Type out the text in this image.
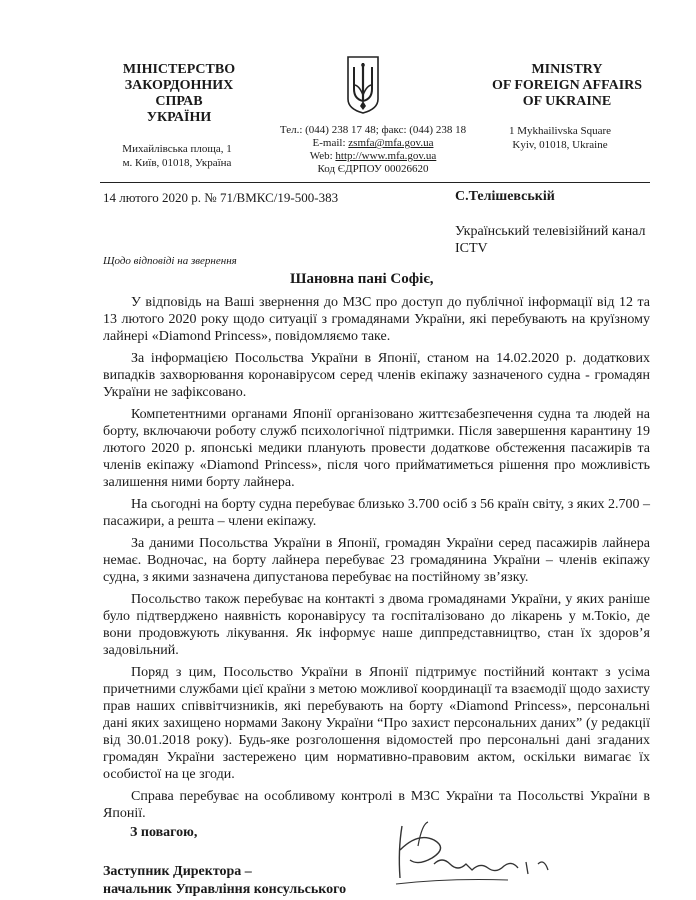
МІНІСТЕРСТВО
ЗАКОРДОННИХ СПРАВ
УКРАЇНИ
MINISTRY
OF FOREIGN AFFAIRS
OF UKRAINE
Михайлівська площа, 1
м. Київ, 01018, Україна
Тел.: (044) 238 17 48; факс: (044) 238 18
E-mail: zsmfa@mfa.gov.ua
Web: http://www.mfa.gov.ua
Код ЄДРПОУ 00026620
1 Mykhailivska Square
Kyiv, 01018, Ukraine
14 лютого 2020 р. № 71/ВМКС/19-500-383	С.Телішевській
Український телевізійний канал ICTV
Щодо відповіді на звернення
Шановна пані Софіє,

У відповідь на Ваші звернення до МЗС про доступ до публічної інформації від 12 та 13 лютого 2020 року щодо ситуації з громадянами України, які перебувають на круїзному лайнері «Diamond Princess», повідомляємо таке.

За інформацією Посольства України в Японії, станом на 14.02.2020 р. додаткових випадків захворювання коронавірусом серед членів екіпажу зазначеного судна - громадян України не зафіксовано.

Компетентними органами Японії організовано життєзабезпечення судна та людей на борту, включаючи роботу служб психологічної підтримки. Після завершення карантину 19 лютого 2020 р. японські медики планують провести додаткове обстеження пасажирів та членів екіпажу «Diamond Princess», після чого прийматиметься рішення про можливість залишення ними борту лайнера.

На сьогодні на борту судна перебуває близько 3.700 осіб з 56 країн світу, з яких 2.700 – пасажири, а решта – члени екіпажу.

За даними Посольства України в Японії, громадян України серед пасажирів лайнера немає. Водночас, на борту лайнера перебуває 23 громадянина України – членів екіпажу судна, з якими зазначена дипустанова перебуває на постійному зв’язку.

Посольство також перебуває на контакті з двома громадянами України, у яких раніше було підтверджено наявність коронавірусу та госпіталізовано до лікарень у м.Токіо, де вони продовжують лікування. Як інформує наше диппредставництво, стан їх здоров’я задовільний.

Поряд з цим, Посольство України в Японії підтримує постійний контакт з усіма причетними службами цієї країни з метою можливої координації та взаємодії щодо захисту прав наших співвітчизників, які перебувають на борту «Diamond Princess», персональні дані яких захищено нормами Закону України “Про захист персональних даних” (у редакції від 30.01.2018 року). Будь-яке розголошення відомостей про персональні дані згаданих громадян України застережено цим нормативно-правовим актом, оскільки вимагає їх особистої на це згоди.

Справа перебуває на особливому контролі в МЗС України та Посольстві України в Японії.

З повагою,
Заступник Директора –
начальник Управління консульського
